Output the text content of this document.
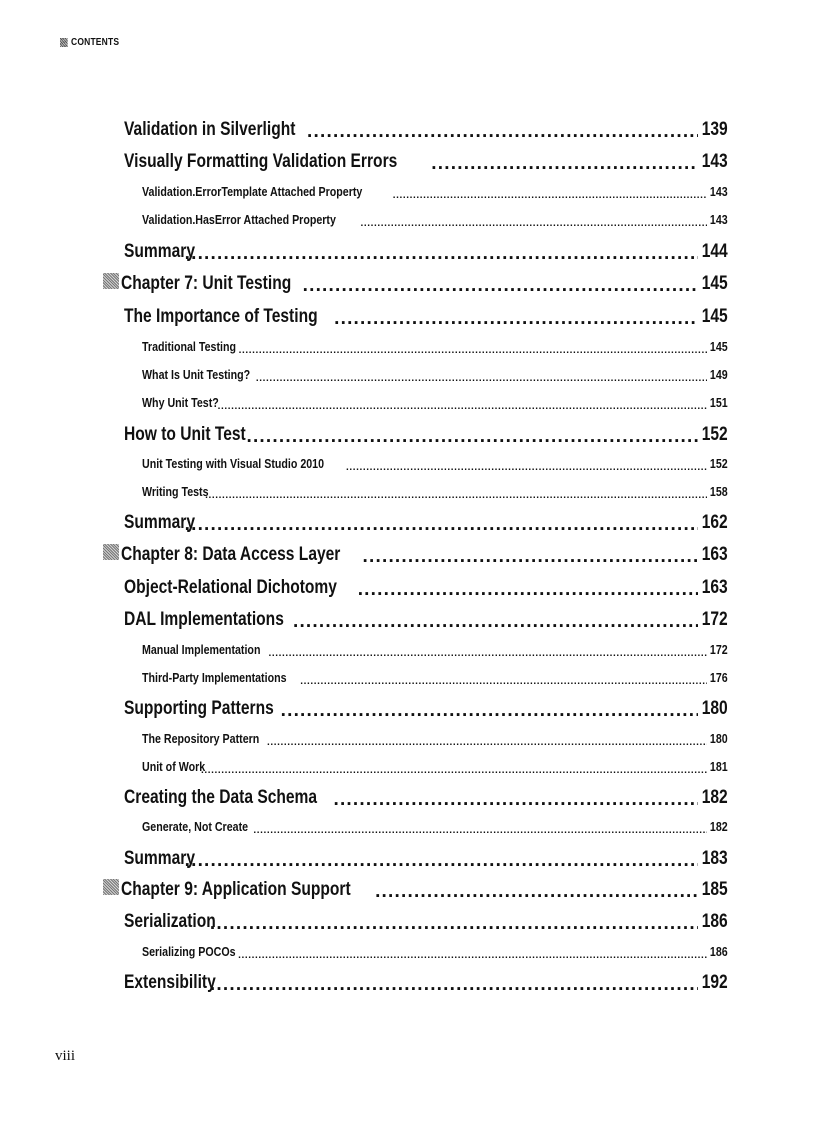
CONTENTS
Validation in Silverlight .....	139
Visually Formatting Validation Errors .....	143
Validation.ErrorTemplate Attached Property .....	143
Validation.HasError Attached Property .....	143
Summary .....	144
Chapter 7: Unit Testing .....	145
The Importance of Testing .....	145
Traditional Testing .....	145
What Is Unit Testing? .....	149
Why Unit Test? .....	151
How to Unit Test .....	152
Unit Testing with Visual Studio 2010 .....	152
Writing Tests .....	158
Summary .....	162
Chapter 8: Data Access Layer .....	163
Object-Relational Dichotomy .....	163
DAL Implementations .....	172
Manual Implementation .....	172
Third-Party Implementations .....	176
Supporting Patterns .....	180
The Repository Pattern .....	180
Unit of Work .....	181
Creating the Data Schema .....	182
Generate, Not Create .....	182
Summary .....	183
Chapter 9: Application Support .....	185
Serialization .....	186
Serializing POCOs .....	186
Extensibility .....	192
viii
